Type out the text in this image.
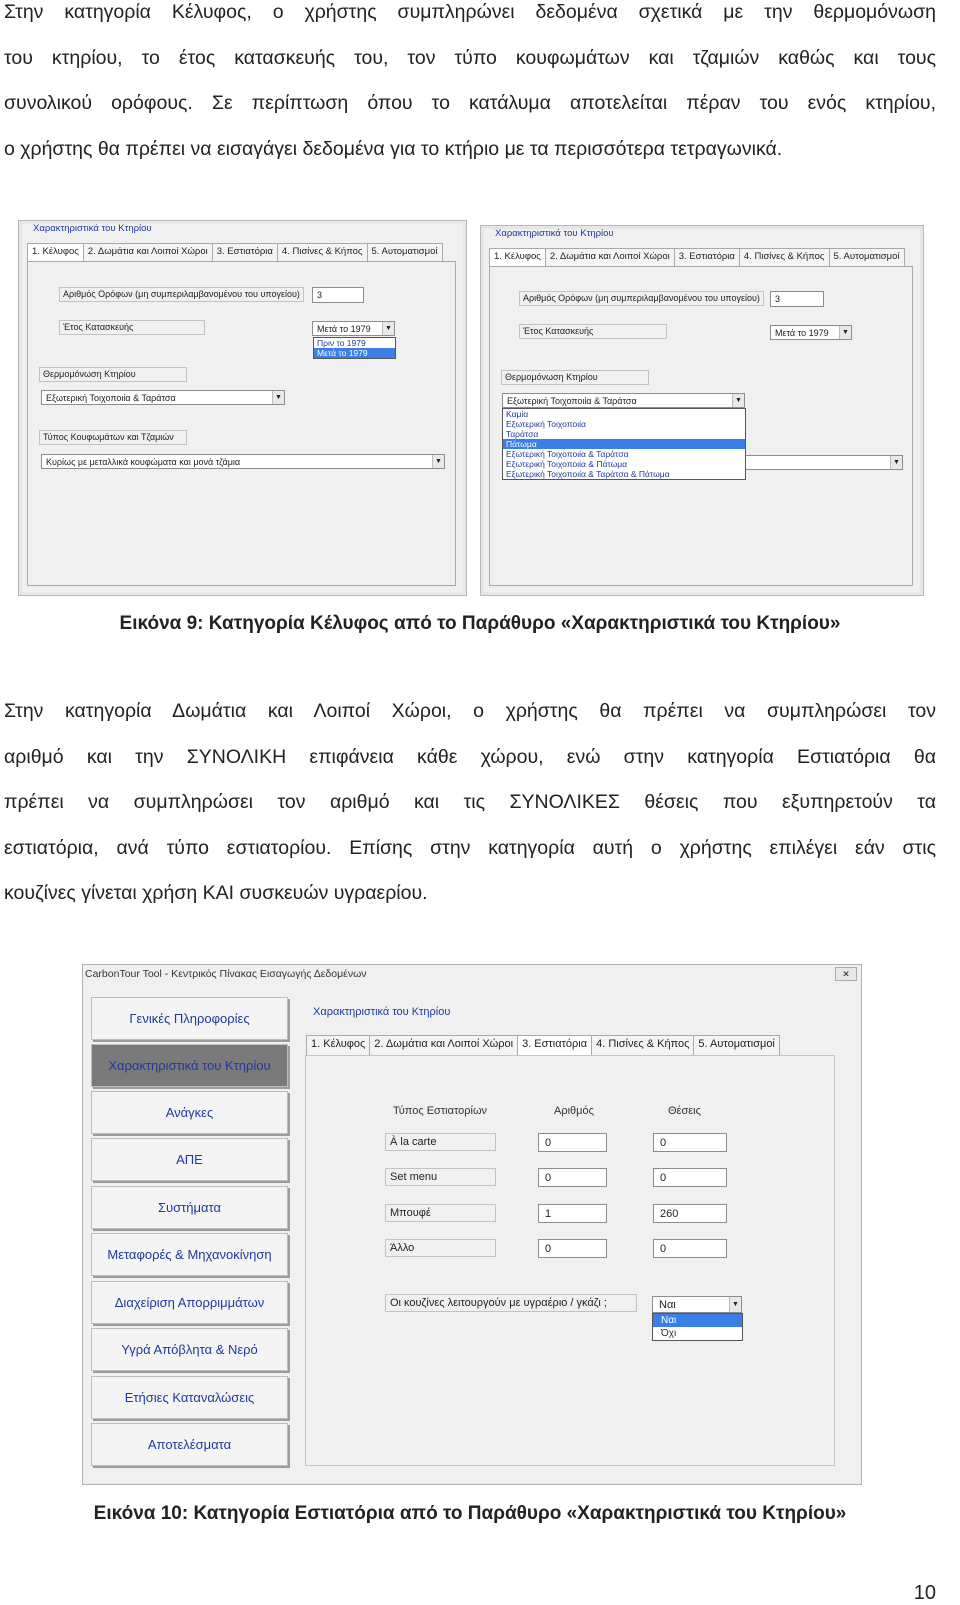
Στην κατηγορία Κέλυφος, ο χρήστης συμπληρώνει δεδομένα σχετικά με την θερμομόνωση
του κτηρίου, το έτος κατασκευής του, τον τύπο κουφωμάτων και τζαμιών καθώς και τους
συνολικού ορόφους. Σε περίπτωση όπου το κατάλυμα αποτελείται πέραν του ενός κτηρίου,
ο χρήστης θα πρέπει να εισαγάγει δεδομένα για το κτήριο με τα περισσότερα τετραγωνικά.
Χαρακτηριστικά του Κτηρίου
1. Κέλυφος 2. Δωμάτια και Λοιποί Χώροι 3. Εστιατόρια 4. Πισίνες & Κήπος 5. Αυτοματισμοί
Αριθμός Ορόφων (μη συμπεριλαμβανομένου του υπογείου)	3
Έτος Κατασκευής	Μετά το 1979	▼
Πριν το 1979
Μετά το 1979
Θερμομόνωση Κτηρίου
Εξωτερική Τοιχοποιία & Ταράτσα	▼
Τύπος Κουφωμάτων και Τζαμιών
Κυρίως με μεταλλικά κουφώματα και μονά τζάμια	▼
Χαρακτηριστικά του Κτηρίου
1. Κέλυφος 2. Δωμάτια και Λοιποί Χώροι 3. Εστιατόρια 4. Πισίνες & Κήπος 5. Αυτοματισμοί
Αριθμός Ορόφων (μη συμπεριλαμβανομένου του υπογείου)	3
Έτος Κατασκευής	Μετά το 1979	▼
Θερμομόνωση Κτηρίου
Εξωτερική Τοιχοποιία & Ταράτσα	▼
▼
Καμία
Εξωτερική Τοιχοποιία
Ταράτσα
Πάτωμα
Εξωτερική Τοιχοποιία & Ταράτσα
Εξωτερική Τοιχοποιία & Πάτωμα
Εξωτερική Τοιχοποιία & Ταράτσα & Πάτωμα
Εικόνα 9: Κατηγορία Κέλυφος από το Παράθυρο «Χαρακτηριστικά του Κτηρίου»
Στην κατηγορία Δωμάτια και Λοιποί Χώροι, ο χρήστης θα πρέπει να συμπληρώσει τον
αριθμό και την ΣΥΝΟΛΙΚΗ επιφάνεια κάθε χώρου, ενώ στην κατηγορία Εστιατόρια θα
πρέπει να συμπληρώσει τον αριθμό και τις ΣΥΝΟΛΙΚΕΣ θέσεις που εξυπηρετούν τα
εστιατόρια, ανά τύπο εστιατορίου. Επίσης στην κατηγορία αυτή ο χρήστης επιλέγει εάν στις
κουζίνες γίνεται χρήση ΚΑΙ συσκευών υγραερίου.
CarbonTour Tool - Κεντρικός Πίνακας Εισαγωγής Δεδομένων	✕
Γενικές Πληροφορίες
Χαρακτηριστικά του Κτηρίου
Ανάγκες
ΑΠΕ
Συστήματα
Μεταφορές & Μηχανοκίνηση
Διαχείριση Απορριμμάτων
Υγρά Απόβλητα & Νερό
Ετήσιες Καταναλώσεις
Αποτελέσματα
Χαρακτηριστικά του Κτηρίου
1. Κέλυφος 2. Δωμάτια και Λοιποί Χώροι 3. Εστιατόρια 4. Πισίνες & Κήπος 5. Αυτοματισμοί
Τύπος Εστιατορίων	Αριθμός	Θέσεις
À la carte	0	0
Set menu	0	0
Μπουφέ	1	260
Άλλο	0	0
Οι κουζίνες λειτουργούν με υγραέριο / γκάζι ;	Ναι	▼
Ναι
Όχι
Εικόνα 10: Κατηγορία Εστιατόρια από το Παράθυρο «Χαρακτηριστικά του Κτηρίου»
10
